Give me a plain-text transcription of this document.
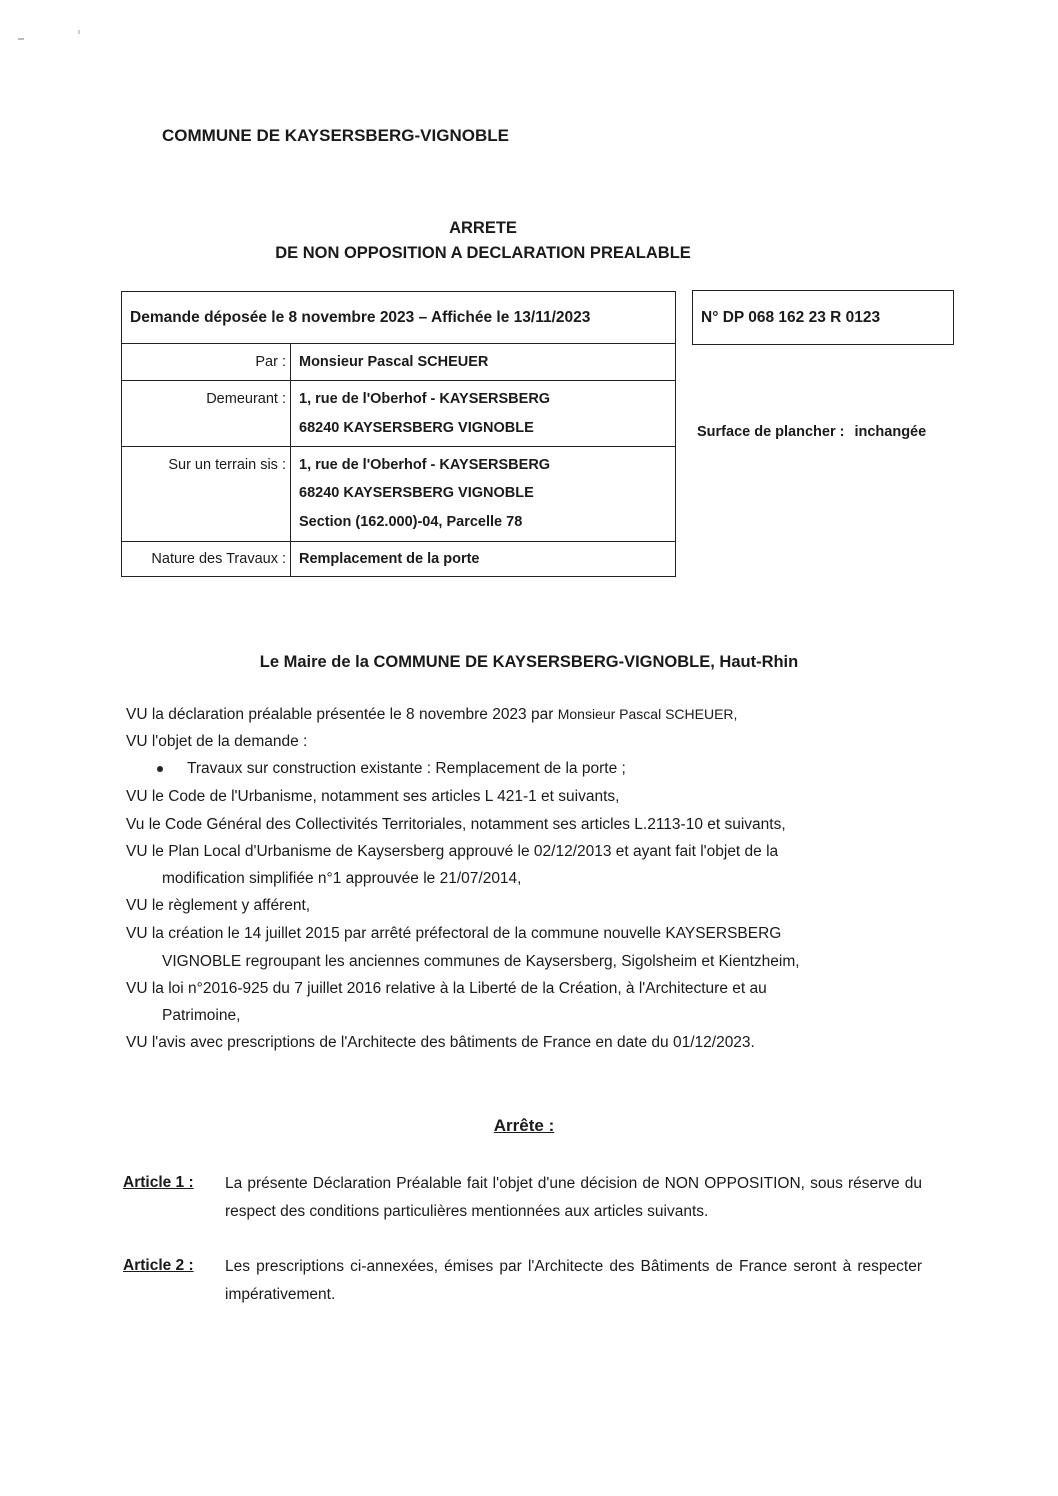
COMMUNE DE KAYSERSBERG-VIGNOBLE
ARRETE
DE NON OPPOSITION A DECLARATION PREALABLE
Demande déposée le 8 novembre 2023 – Affichée le 13/11/2023
Par : Monsieur Pascal SCHEUER
Demeurant : 1, rue de l'Oberhof - KAYSERSBERG
68240 KAYSERSBERG VIGNOBLE
Sur un terrain sis : 1, rue de l'Oberhof - KAYSERSBERG
68240 KAYSERSBERG VIGNOBLE
Section (162.000)-04, Parcelle 78
Nature des Travaux : Remplacement de la porte
N° DP 068 162 23 R 0123
Surface de plancher : inchangée
Le Maire de la COMMUNE DE KAYSERSBERG-VIGNOBLE, Haut-Rhin
VU la déclaration préalable présentée le 8 novembre 2023 par Monsieur Pascal SCHEUER,
VU l'objet de la demande :
Travaux sur construction existante : Remplacement de la porte ;
VU le Code de l'Urbanisme, notamment ses articles L 421-1 et suivants,
Vu le Code Général des Collectivités Territoriales, notamment ses articles L.2113-10 et suivants,
VU le Plan Local d'Urbanisme de Kaysersberg approuvé le 02/12/2013 et ayant fait l'objet de la
modification simplifiée n°1 approuvée le 21/07/2014,
VU le règlement y afférent,
VU la création le 14 juillet 2015 par arrêté préfectoral de la commune nouvelle KAYSERSBERG
VIGNOBLE regroupant les anciennes communes de Kaysersberg, Sigolsheim et Kientzheim,
VU la loi n°2016-925 du 7 juillet 2016 relative à la Liberté de la Création, à l'Architecture et au
Patrimoine,
VU l'avis avec prescriptions de l'Architecte des bâtiments de France en date du 01/12/2023.
Arrête :
Article 1 : La présente Déclaration Préalable fait l'objet d'une décision de NON OPPOSITION, sous réserve du respect des conditions particulières mentionnées aux articles suivants.
Article 2 : Les prescriptions ci-annexées, émises par l'Architecte des Bâtiments de France seront à respecter impérativement.
